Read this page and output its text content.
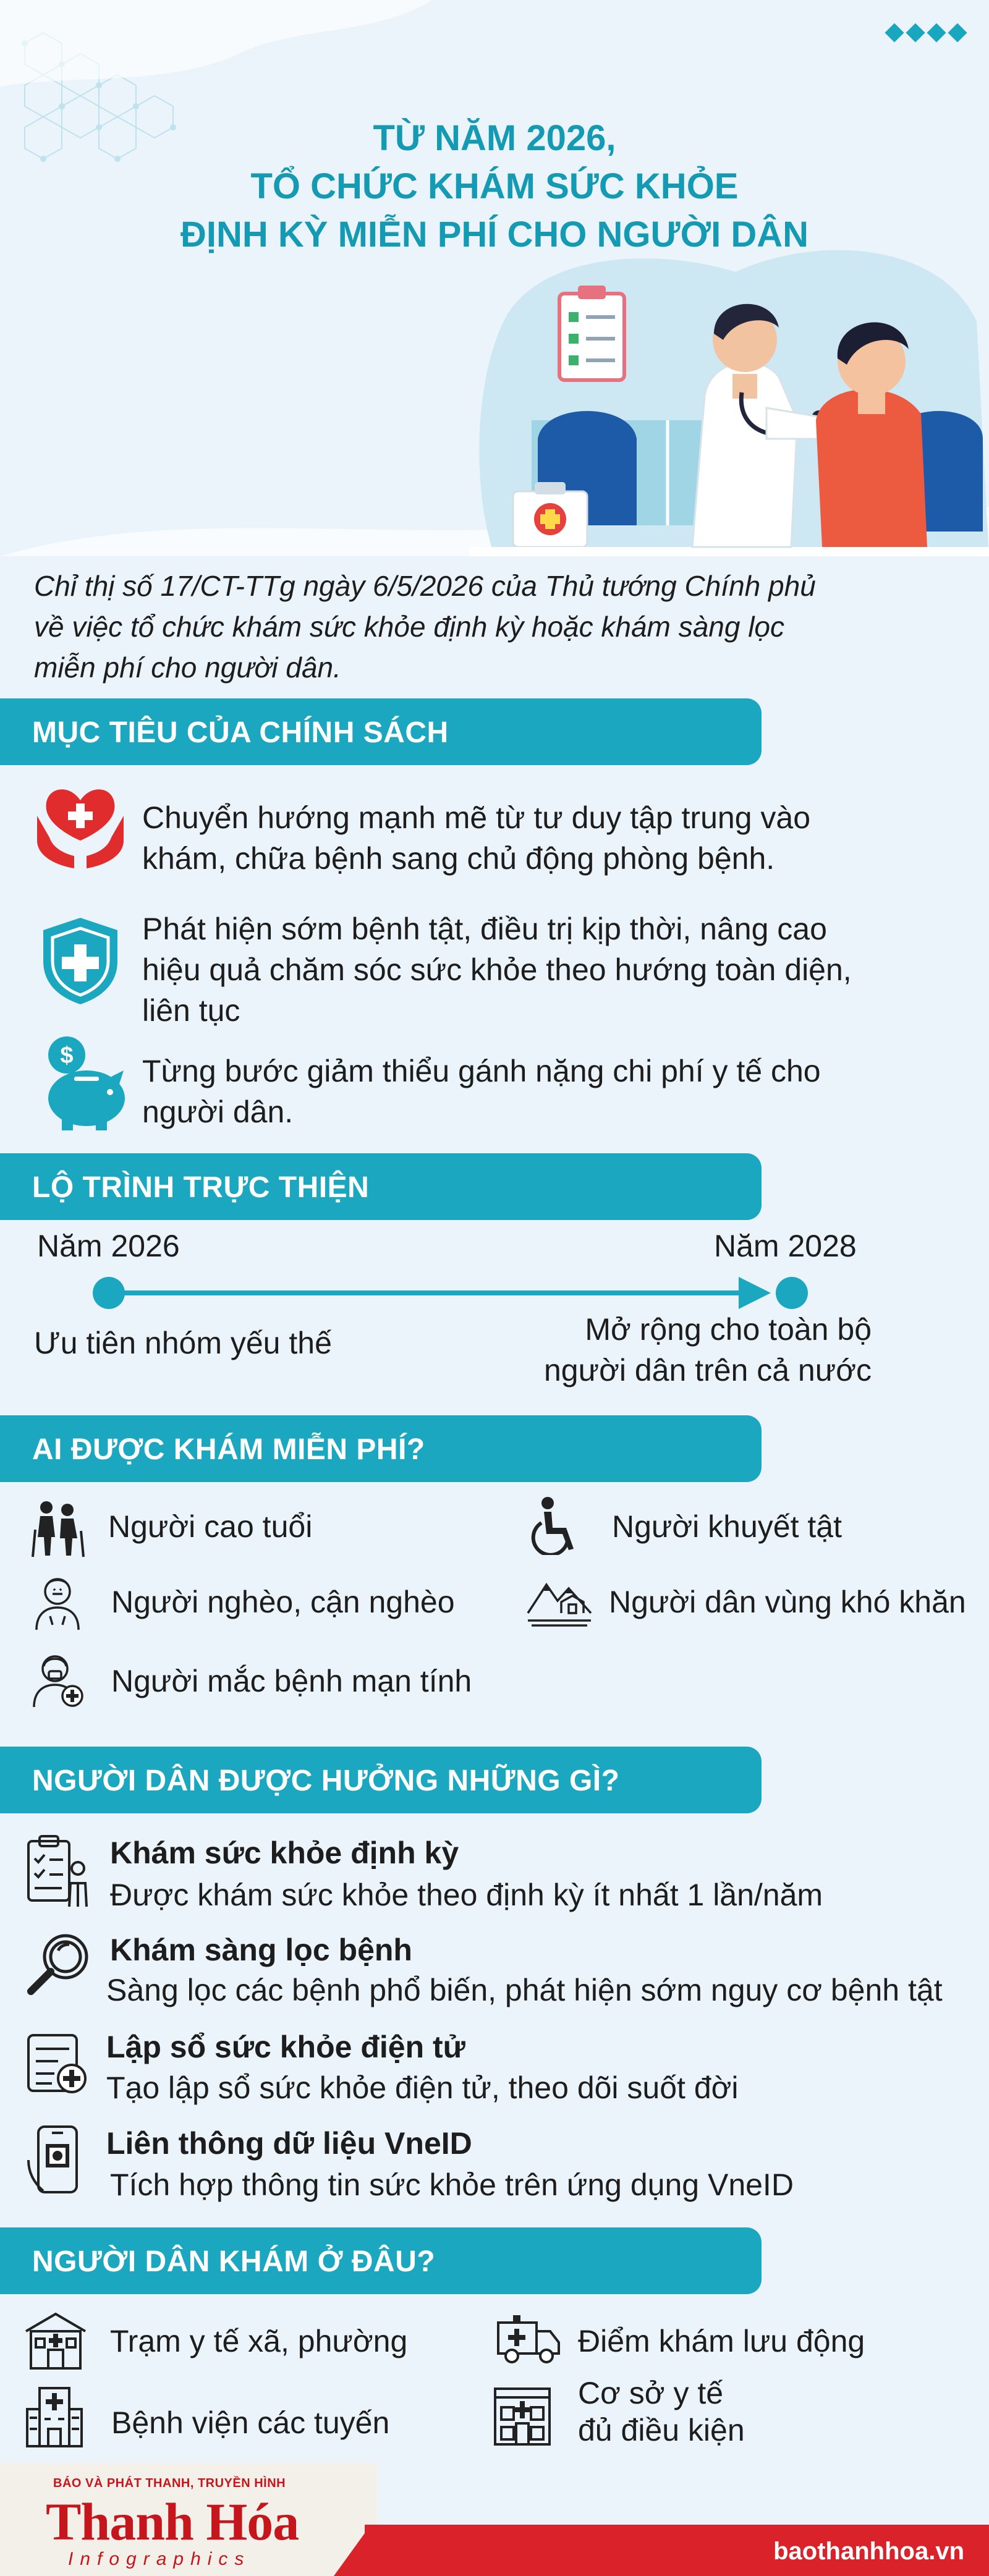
TỪ NĂM 2026,
TỔ CHỨC KHÁM SỨC KHỎE
ĐỊNH KỲ MIỄN PHÍ CHO NGƯỜI DÂN
Chỉ thị số 17/CT-TTg ngày 6/5/2026 của Thủ tướng Chính phủ
về việc tổ chức khám sức khỏe định kỳ hoặc khám sàng lọc
miễn phí cho người dân.
MỤC TIÊU CỦA CHÍNH SÁCH
Chuyển hướng mạnh mẽ từ tư duy tập trung vào
khám, chữa bệnh sang chủ động phòng bệnh.
Phát hiện sớm bệnh tật, điều trị kịp thời, nâng cao
hiệu quả chăm sóc sức khỏe theo hướng toàn diện,
liên tục
$ Từng bước giảm thiểu gánh nặng chi phí y tế cho
người dân.
LỘ TRÌNH TRỰC THIỆN
Năm 2026	Năm 2028
Ưu tiên nhóm yếu thế	Mở rộng cho toàn bộ
người dân trên cả nước
AI ĐƯỢC KHÁM MIỄN PHÍ?
Người cao tuổi	Người khuyết tật
Người nghèo, cận nghèo	Người dân vùng khó khăn
Người mắc bệnh mạn tính
NGƯỜI DÂN ĐƯỢC HƯỞNG NHỮNG GÌ?
Khám sức khỏe định kỳ
Được khám sức khỏe theo định kỳ ít nhất 1 lần/năm
Khám sàng lọc bệnh
Sàng lọc các bệnh phổ biến, phát hiện sớm nguy cơ bệnh tật
Lập sổ sức khỏe điện tử
Tạo lập sổ sức khỏe điện tử, theo dõi suốt đời
Liên thông dữ liệu VneID
Tích hợp thông tin sức khỏe trên ứng dụng VneID
NGƯỜI DÂN KHÁM Ở ĐÂU?
Trạm y tế xã, phường	Điểm khám lưu động
Bệnh viện các tuyến
Cơ sở y tế
đủ điều kiện
BÁO VÀ PHÁT THANH, TRUYỀN HÌNH
Thanh Hóa
Infographics	baothanhhoa.vn
